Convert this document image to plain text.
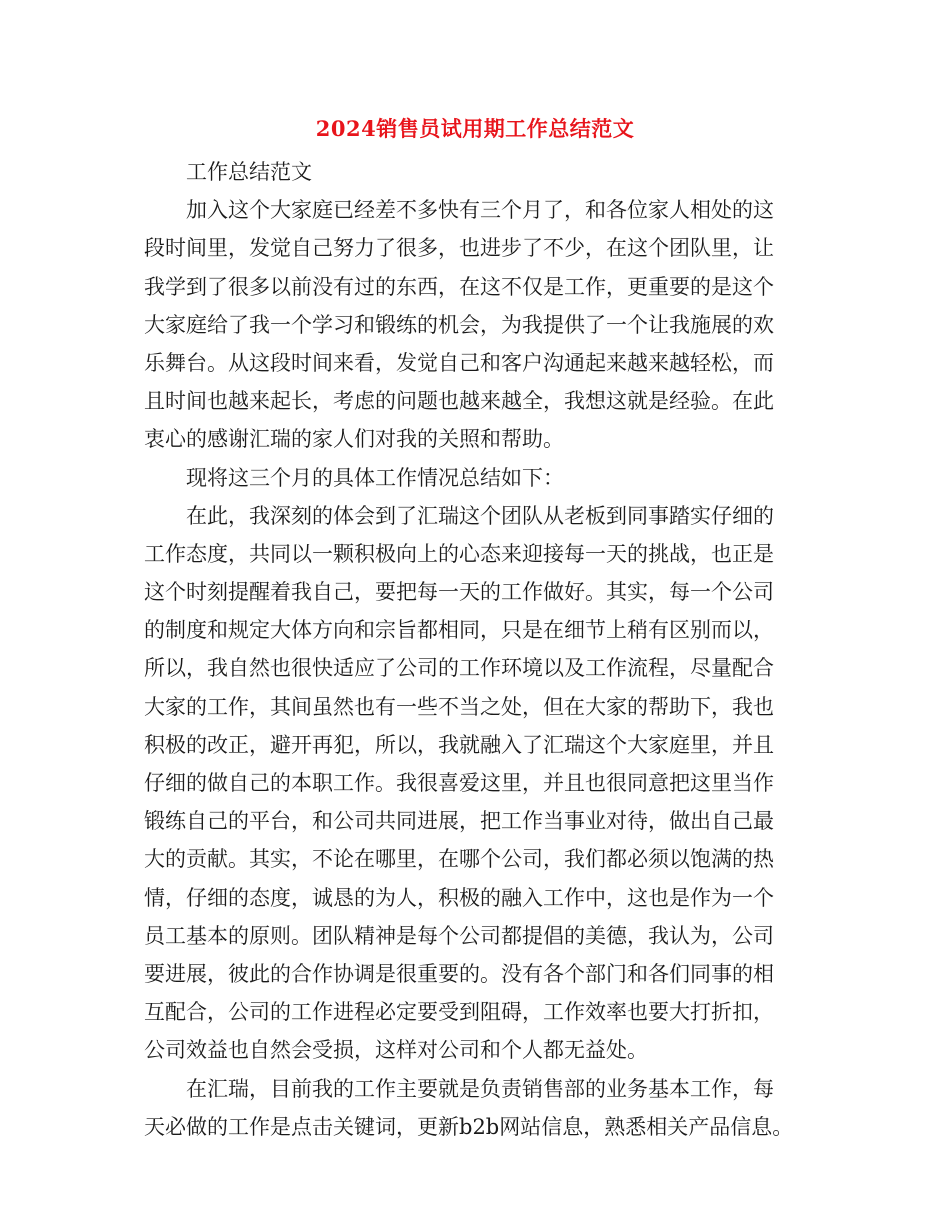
2024销售员试用期工作总结范文
工作总结范文
加入这个大家庭已经差不多快有三个月了，和各位家人相处的这
段时间里，发觉自己努力了很多，也进步了不少，在这个团队里，让
我学到了很多以前没有过的东西，在这不仅是工作，更重要的是这个
大家庭给了我一个学习和锻练的机会，为我提供了一个让我施展的欢
乐舞台。从这段时间来看，发觉自己和客户沟通起来越来越轻松，而
且时间也越来起长，考虑的问题也越来越全，我想这就是经验。在此
衷心的感谢汇瑞的家人们对我的关照和帮助。
现将这三个月的具体工作情况总结如下：
在此，我深刻的体会到了汇瑞这个团队从老板到同事踏实仔细的
工作态度，共同以一颗积极向上的心态来迎接每一天的挑战，也正是
这个时刻提醒着我自己，要把每一天的工作做好。其实，每一个公司
的制度和规定大体方向和宗旨都相同，只是在细节上稍有区别而以，
所以，我自然也很快适应了公司的工作环境以及工作流程，尽量配合
大家的工作，其间虽然也有一些不当之处，但在大家的帮助下，我也
积极的改正，避开再犯，所以，我就融入了汇瑞这个大家庭里，并且
仔细的做自己的本职工作。我很喜爱这里，并且也很同意把这里当作
锻练自己的平台，和公司共同进展，把工作当事业对待，做出自己最
大的贡献。其实，不论在哪里，在哪个公司，我们都必须以饱满的热
情，仔细的态度，诚恳的为人，积极的融入工作中，这也是作为一个
员工基本的原则。团队精神是每个公司都提倡的美德，我认为，公司
要进展，彼此的合作协调是很重要的。没有各个部门和各们同事的相
互配合，公司的工作进程必定要受到阻碍，工作效率也要大打折扣，
公司效益也自然会受损，这样对公司和个人都无益处。
在汇瑞，目前我的工作主要就是负责销售部的业务基本工作，每
天必做的工作是点击关键词，更新b2b网站信息，熟悉相关产品信息。
